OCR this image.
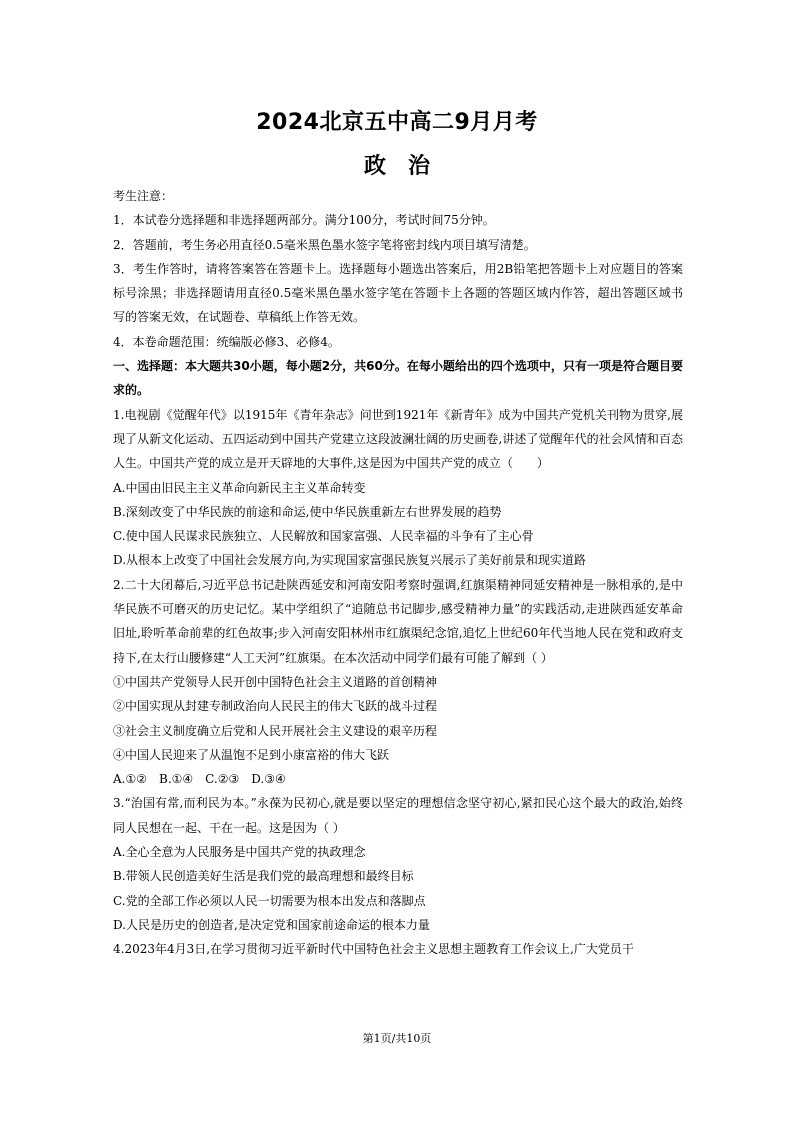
2024北京五中高二9月月考
政　治
考生注意：
1．本试卷分选择题和非选择题两部分。满分100分，考试时间75分钟。
2．答题前，考生务必用直径0.5毫米黑色墨水签字笔将密封线内项目填写清楚。
3．考生作答时，请将答案答在答题卡上。选择题每小题选出答案后，用2B铅笔把答题卡上对应题目的答案标号涂黑；非选择题请用直径0.5毫米黑色墨水签字笔在答题卡上各题的答题区域内作答，超出答题区域书写的答案无效，在试题卷、草稿纸上作答无效。
4．本卷命题范围：统编版必修3、必修4。
一、选择题：本大题共30小题，每小题2分，共60分。在每小题给出的四个选项中，只有一项是符合题目要求的。
1.电视剧《觉醒年代》以1915年《青年杂志》问世到1921年《新青年》成为中国共产党机关刊物为贯穿,展现了从新文化运动、五四运动到中国共产党建立这段波澜壮阔的历史画卷,讲述了觉醒年代的社会风情和百态人生。中国共产党的成立是开天辟地的大事件,这是因为中国共产党的成立（　　）
A.中国由旧民主主义革命向新民主主义革命转变
B.深刻改变了中华民族的前途和命运,使中华民族重新左右世界发展的趋势
C.使中国人民谋求民族独立、人民解放和国家富强、人民幸福的斗争有了主心骨
D.从根本上改变了中国社会发展方向,为实现国家富强民族复兴展示了美好前景和现实道路
2.二十大闭幕后,习近平总书记赴陕西延安和河南安阳考察时强调,红旗渠精神同延安精神是一脉相承的,是中华民族不可磨灭的历史记忆。某中学组织了“追随总书记脚步,感受精神力量”的实践活动,走进陕西延安革命旧址,聆听革命前辈的红色故事;步入河南安阳林州市红旗渠纪念馆,追忆上世纪60年代当地人民在党和政府支持下,在太行山腰修建“人工天河”红旗渠。在本次活动中同学们最有可能了解到（ ）
①中国共产党领导人民开创中国特色社会主义道路的首创精神
②中国实现从封建专制政治向人民民主的伟大飞跃的战斗过程
③社会主义制度确立后党和人民开展社会主义建设的艰辛历程
④中国人民迎来了从温饱不足到小康富裕的伟大飞跃
A.①②　B.①④　C.②③　D.③④
3.“治国有常,而利民为本。”永葆为民初心,就是要以坚定的理想信念坚守初心,紧扣民心这个最大的政治,始终同人民想在一起、干在一起。这是因为（ ）
A.全心全意为人民服务是中国共产党的执政理念
B.带领人民创造美好生活是我们党的最高理想和最终目标
C.党的全部工作必须以人民一切需要为根本出发点和落脚点
D.人民是历史的创造者,是决定党和国家前途命运的根本力量
4.2023年4月3日,在学习贯彻习近平新时代中国特色社会主义思想主题教育工作会议上,广大党员干
第1页/共10页
